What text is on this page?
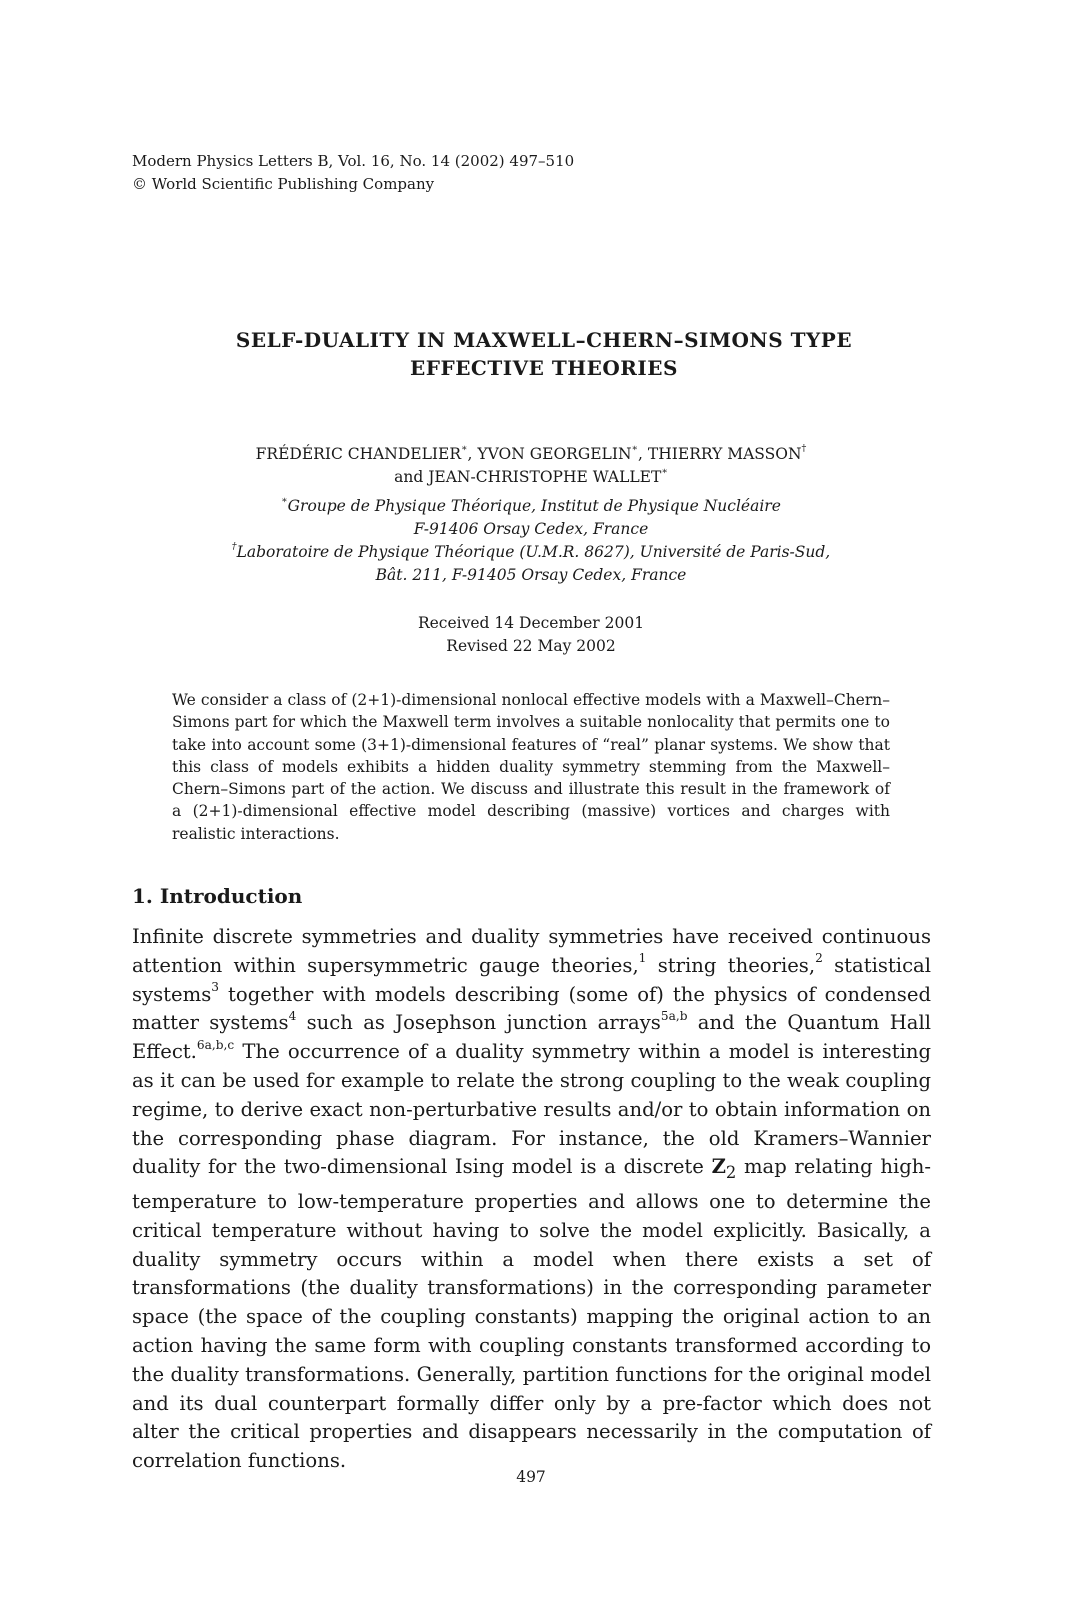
Modern Physics Letters B, Vol. 16, No. 14 (2002) 497–510
© World Scientific Publishing Company
SELF-DUALITY IN MAXWELL–CHERN–SIMONS TYPE
EFFECTIVE THEORIES
FRÉDÉRIC CHANDELIER∗, YVON GEORGELIN∗, THIERRY MASSON†
and JEAN-CHRISTOPHE WALLET∗
∗Groupe de Physique Théorique, Institut de Physique Nucléaire
F-91406 Orsay Cedex, France
†Laboratoire de Physique Théorique (U.M.R. 8627), Université de Paris-Sud,
Bât. 211, F-91405 Orsay Cedex, France
Received 14 December 2001
Revised 22 May 2002
We consider a class of (2+1)-dimensional nonlocal effective models with a Maxwell–Chern–Simons part for which the Maxwell term involves a suitable nonlocality that permits one to take into account some (3+1)-dimensional features of “real” planar systems. We show that this class of models exhibits a hidden duality symmetry stemming from the Maxwell–Chern–Simons part of the action. We discuss and illustrate this result in the framework of a (2+1)-dimensional effective model describing (massive) vortices and charges with realistic interactions.
1. Introduction
Infinite discrete symmetries and duality symmetries have received continuous attention within supersymmetric gauge theories,$^1$ string theories,$^2$ statistical systems$^3$ together with models describing (some of) the physics of condensed matter systems$^4$ such as Josephson junction arrays$^{5a,b}$ and the Quantum Hall Effect.$^{6a,b,c}$ The occurrence of a duality symmetry within a model is interesting as it can be used for example to relate the strong coupling to the weak coupling regime, to derive exact non-perturbative results and/or to obtain information on the corresponding phase diagram. For instance, the old Kramers–Wannier duality for the two-dimensional Ising model is a discrete $Z_2$ map relating high-temperature to low-temperature properties and allows one to determine the critical temperature without having to solve the model explicitly. Basically, a duality symmetry occurs within a model when there exists a set of transformations (the duality transformations) in the corresponding parameter space (the space of the coupling constants) mapping the original action to an action having the same form with coupling constants transformed according to the duality transformations. Generally, partition functions for the original model and its dual counterpart formally differ only by a pre-factor which does not alter the critical properties and disappears necessarily in the computation of correlation functions.
497
